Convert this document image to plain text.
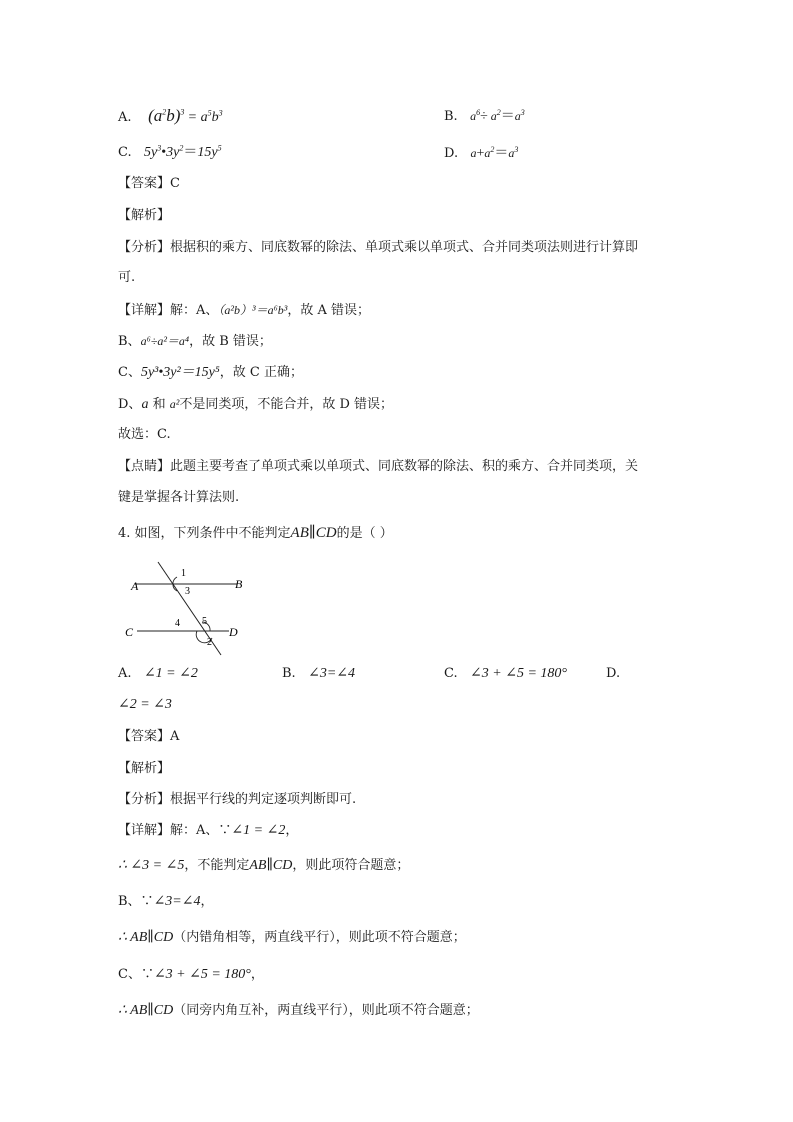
A. $(a^2b)^3 = a^5b^3$	B. $a^6\div a^2=a^3$
C. $5y^3•3y^2=15y^5$	D. $a+a^2=a^3$
【答案】C
【解析】
【分析】根据积的乘方、同底数幂的除法、单项式乘以单项式、合并同类项法则进行计算即
可.
【详解】解：A、（a²b）³＝a⁶b³，故 A 错误；
B、a⁶÷a²＝a⁴，故 B 错误；
C、5y³•3y²＝15y⁵，故 C 正确；
D、a 和 a²不是同类项，不能合并，故 D 错误；
故选：C.
【点睛】此题主要考查了单项式乘以单项式、同底数幂的除法、积的乘方、合并同类项，关
键是掌握各计算法则.
4. 如图，下列条件中不能判定AB∥CD的是（ ）
A	B
C	D
1
3
4 5
2
A. ∠1 = ∠2	B. ∠3=∠4	C. ∠3 + ∠5 = 180°	D.
∠2 = ∠3
【答案】A
【解析】
【分析】根据平行线的判定逐项判断即可.
【详解】解：A、∵∠1 = ∠2，
∴ ∠3 = ∠5，不能判定AB∥CD，则此项符合题意；
B、∵∠3=∠4，
∴ AB∥CD（内错角相等，两直线平行），则此项不符合题意；
C、∵∠3 + ∠5 = 180°，
∴ AB∥CD（同旁内角互补，两直线平行），则此项不符合题意；
